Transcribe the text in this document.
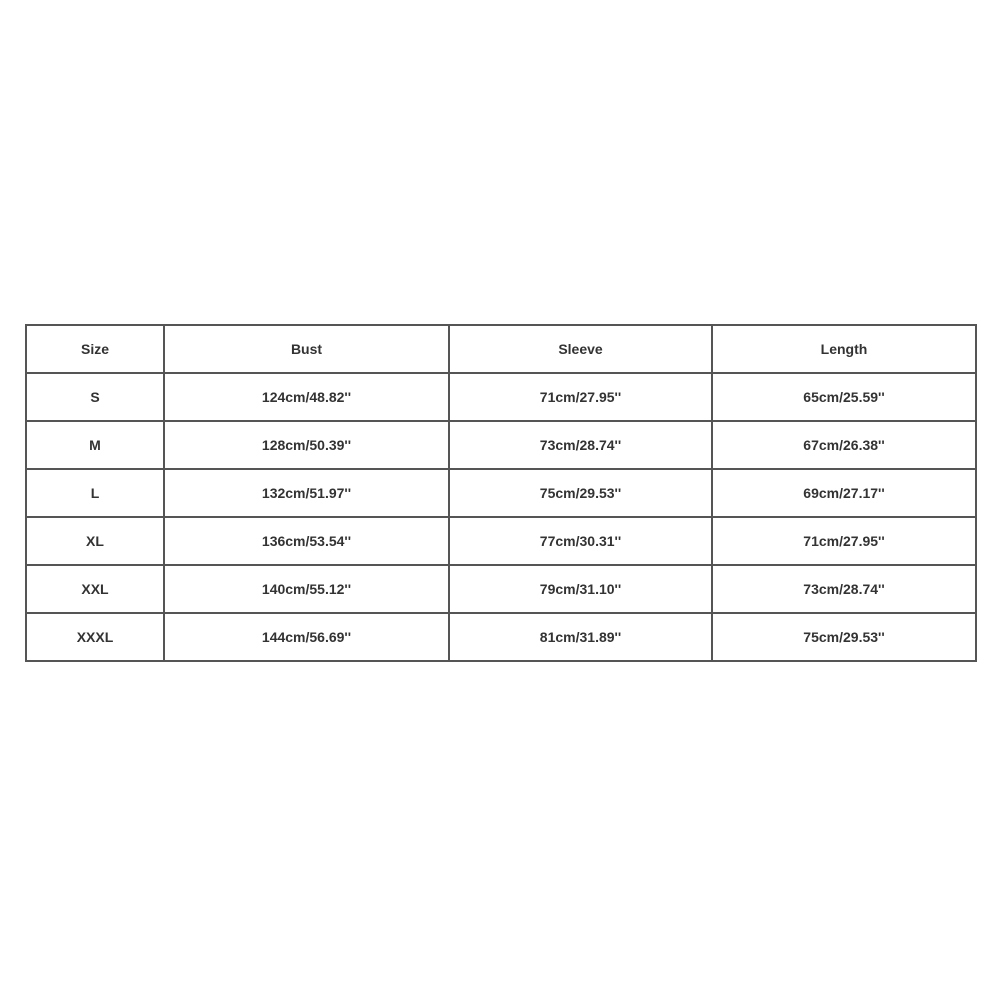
Size	Bust	Sleeve	Length
S	124cm/48.82''	71cm/27.95''	65cm/25.59''
M	128cm/50.39''	73cm/28.74''	67cm/26.38''
L	132cm/51.97''	75cm/29.53''	69cm/27.17''
XL	136cm/53.54''	77cm/30.31''	71cm/27.95''
XXL	140cm/55.12''	79cm/31.10''	73cm/28.74''
XXXL	144cm/56.69''	81cm/31.89''	75cm/29.53''
